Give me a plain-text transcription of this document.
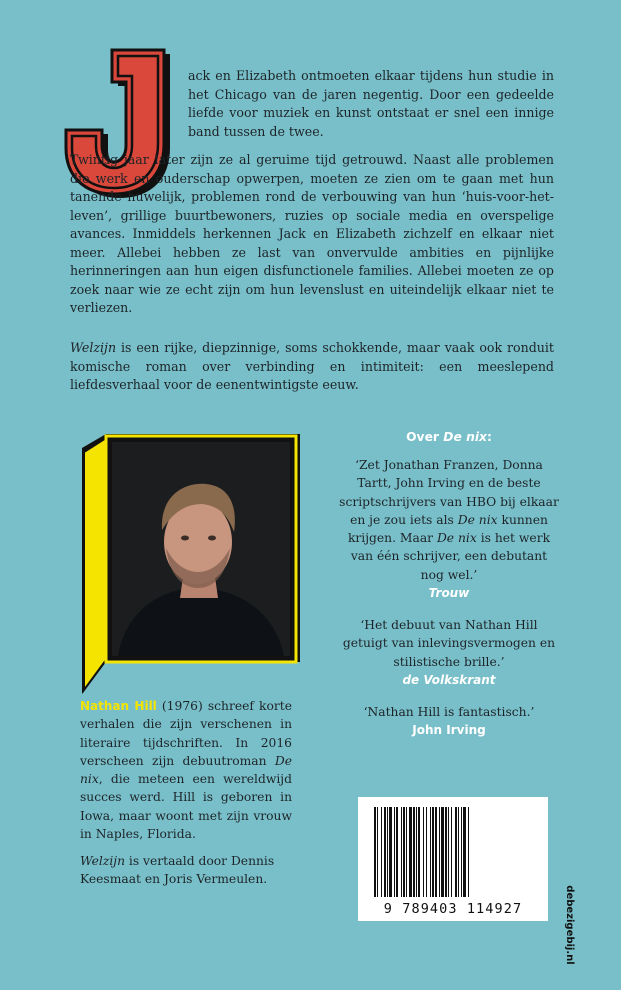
ack en Elizabeth ontmoeten elkaar tijdens hun studie in het Chicago van de jaren negentig. Door een gedeelde liefde voor muziek en kunst ontstaat er snel een innige band tussen de twee.

Twintig jaar later zijn ze al geruime tijd getrouwd. Naast alle problemen die werk en ouderschap opwerpen, moeten ze zien om te gaan met hun tanende huwelijk, problemen rond de verbouwing van hun ‘huis-voor-het-leven’, grillige buurtbewoners, ruzies op sociale media en overspelige avances. Inmiddels herkennen Jack en Elizabeth zichzelf en elkaar niet meer. Allebei hebben ze last van onvervulde ambities en pijnlijke herinneringen aan hun eigen disfunctionele families. Allebei moeten ze op zoek naar wie ze echt zijn om hun levenslust en uiteindelijk elkaar niet te verliezen.

Welzijn is een rijke, diepzinnige, soms schokkende, maar vaak ook ronduit komische roman over verbinding en intimiteit: een meeslepend liefdesverhaal voor de eenentwintigste eeuw.

Nathan Hill (1976) schreef korte verhalen die zijn verschenen in literaire tijdschriften. In 2016 verscheen zijn debuutroman De nix, die meteen een wereldwijd succes werd. Hill is geboren in Iowa, maar woont met zijn vrouw in Naples, Florida.

Welzijn is vertaald door Dennis Keesmaat en Joris Vermeulen.

Over De nix:

‘Zet Jonathan Franzen, Donna Tartt, John Irving en de beste scriptschrijvers van HBO bij elkaar en je zou iets als De nix kunnen krijgen. Maar De nix is het werk van één schrijver, een debutant nog wel.’

Trouw

‘Het debuut van Nathan Hill getuigt van inlevingsvermogen en stilistische brille.’

de Volkskrant

‘Nathan Hill is fantastisch.’

John Irving

9 789403 114927	debezigebij.nl
